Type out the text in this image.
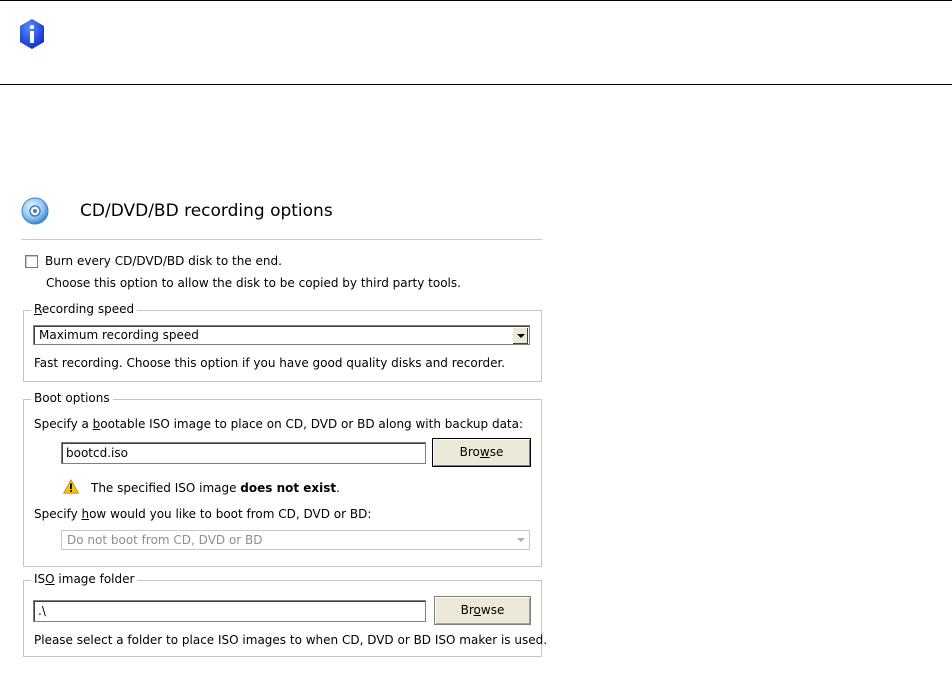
CD/DVD/BD recording options
Burn every CD/DVD/BD disk to the end.
Choose this option to allow the disk to be copied by third party tools.
Recording speed
Maximum recording speed
Fast recording. Choose this option if you have good quality disks and recorder.
Boot options
Specify a bootable ISO image to place on CD, DVD or BD along with backup data:
bootcd.iso	Browse
The specified ISO image does not exist.
Specify how would you like to boot from CD, DVD or BD:
Do not boot from CD, DVD or BD
ISO image folder
.\	Browse
Please select a folder to place ISO images to when CD, DVD or BD ISO maker is used.
